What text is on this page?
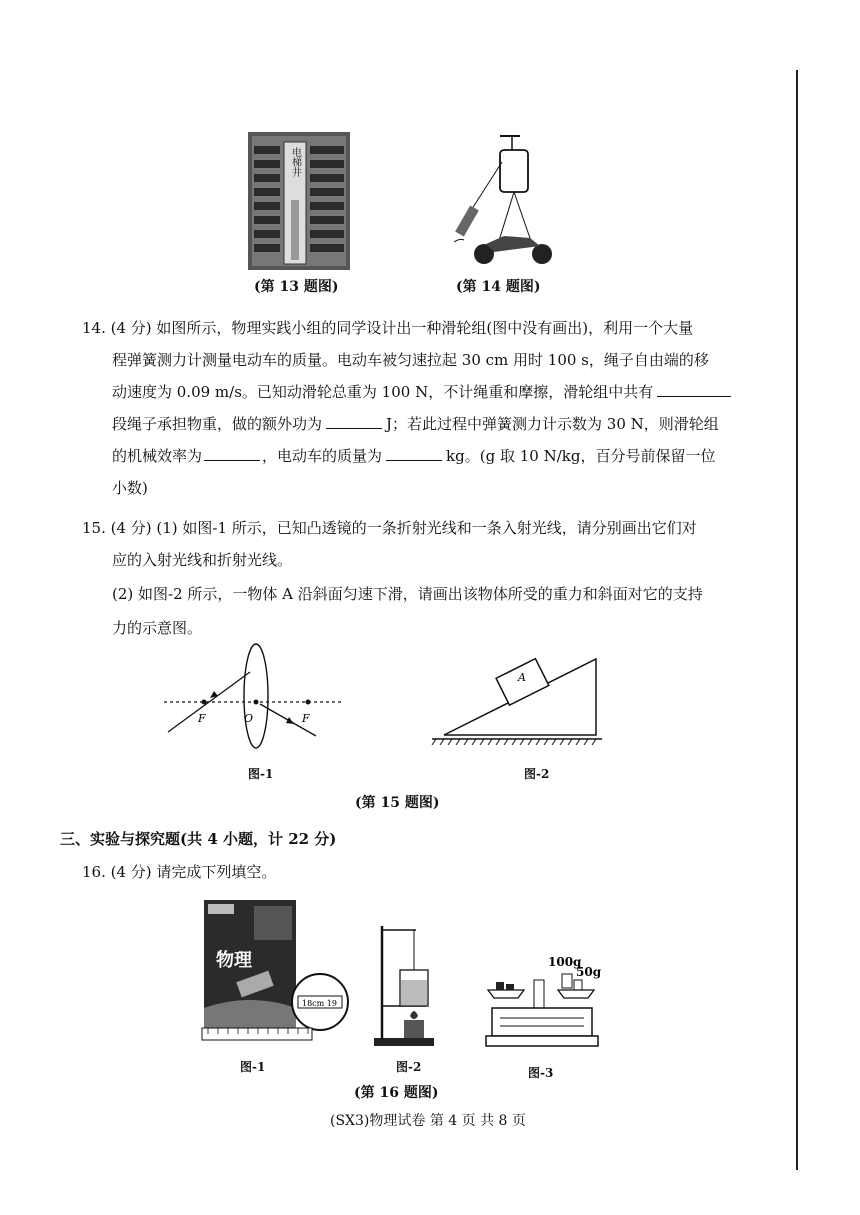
电梯井
(第 13 题图)	(第 14 题图)
14. (4 分) 如图所示，物理实践小组的同学设计出一种滑轮组(图中没有画出)，利用一个大量
程弹簧测力计测量电动车的质量。电动车被匀速拉起 30 cm 用时 100 s，绳子自由端的移
动速度为 0.09 m/s。已知动滑轮总重为 100 N，不计绳重和摩擦，滑轮组中共有
段绳子承担物重，做的额外功为	J；若此过程中弹簧测力计示数为 30 N，则滑轮组
的机械效率为	，电动车的质量为	kg。(g 取 10 N/kg，百分号前保留一位
小数)
15. (4 分) (1) 如图-1 所示，已知凸透镜的一条折射光线和一条入射光线，请分别画出它们对
应的入射光线和折射光线。
(2) 如图-2 所示，一物体 A 沿斜面匀速下滑，请画出该物体所受的重力和斜面对它的支持
力的示意图。
F	O	F
图-1
A
图-2
(第 15 题图)
三、实验与探究题(共 4 小题，计 22 分)
16. (4 分) 请完成下列填空。
物理
18cm 19
图-1	图-2
100g
50g
图-3
(第 16 题图)
(SX3)物理试卷 第 4 页 共 8 页
